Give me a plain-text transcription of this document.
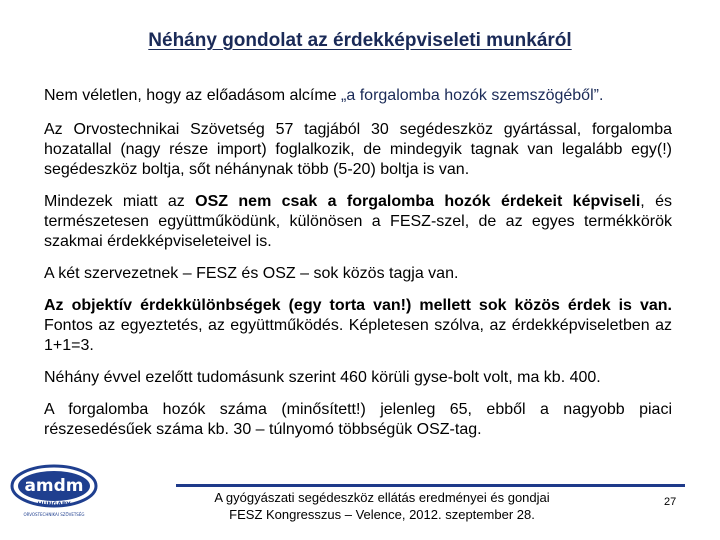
Néhány gondolat az érdekképviseleti munkáról

Nem véletlen, hogy az előadásom alcíme „a forgalomba hozók szemszögéből”.

Az Orvostechnikai Szövetség 57 tagjából 30 segédeszköz gyártással, forgalomba hozatallal (nagy része import) foglalkozik, de mindegyik tagnak van legalább egy(!) segédeszköz boltja, sőt néhánynak több (5-20) boltja is van.

Mindezek miatt az OSZ nem csak a forgalomba hozók érdekeit képviseli, és természetesen együttműködünk, különösen a FESZ-szel, de az egyes termékkörök szakmai érdekképviseleteivel is.

A két szervezetnek – FESZ és OSZ – sok közös tagja van.

Az objektív érdekkülönbségek (egy torta van!) mellett sok közös érdek is van. Fontos az egyeztetés, az együttműködés. Képletesen szólva, az érdekképviseletben az 1+1=3.

Néhány évvel ezelőtt tudomásunk szerint 460 körüli gyse-bolt volt, ma kb. 400.

A forgalomba hozók száma (minősített!) jelenleg 65, ebből a nagyobb piaci részesedésűek száma kb. 30 – túlnyomó többségük OSZ-tag.

amdm
HUNGARY
ORVOSTECHNIKAI SZÖVETSÉG
A gyógyászati segédeszköz ellátás eredményei és gondjai
FESZ Kongresszus – Velence, 2012. szeptember 28.
27
